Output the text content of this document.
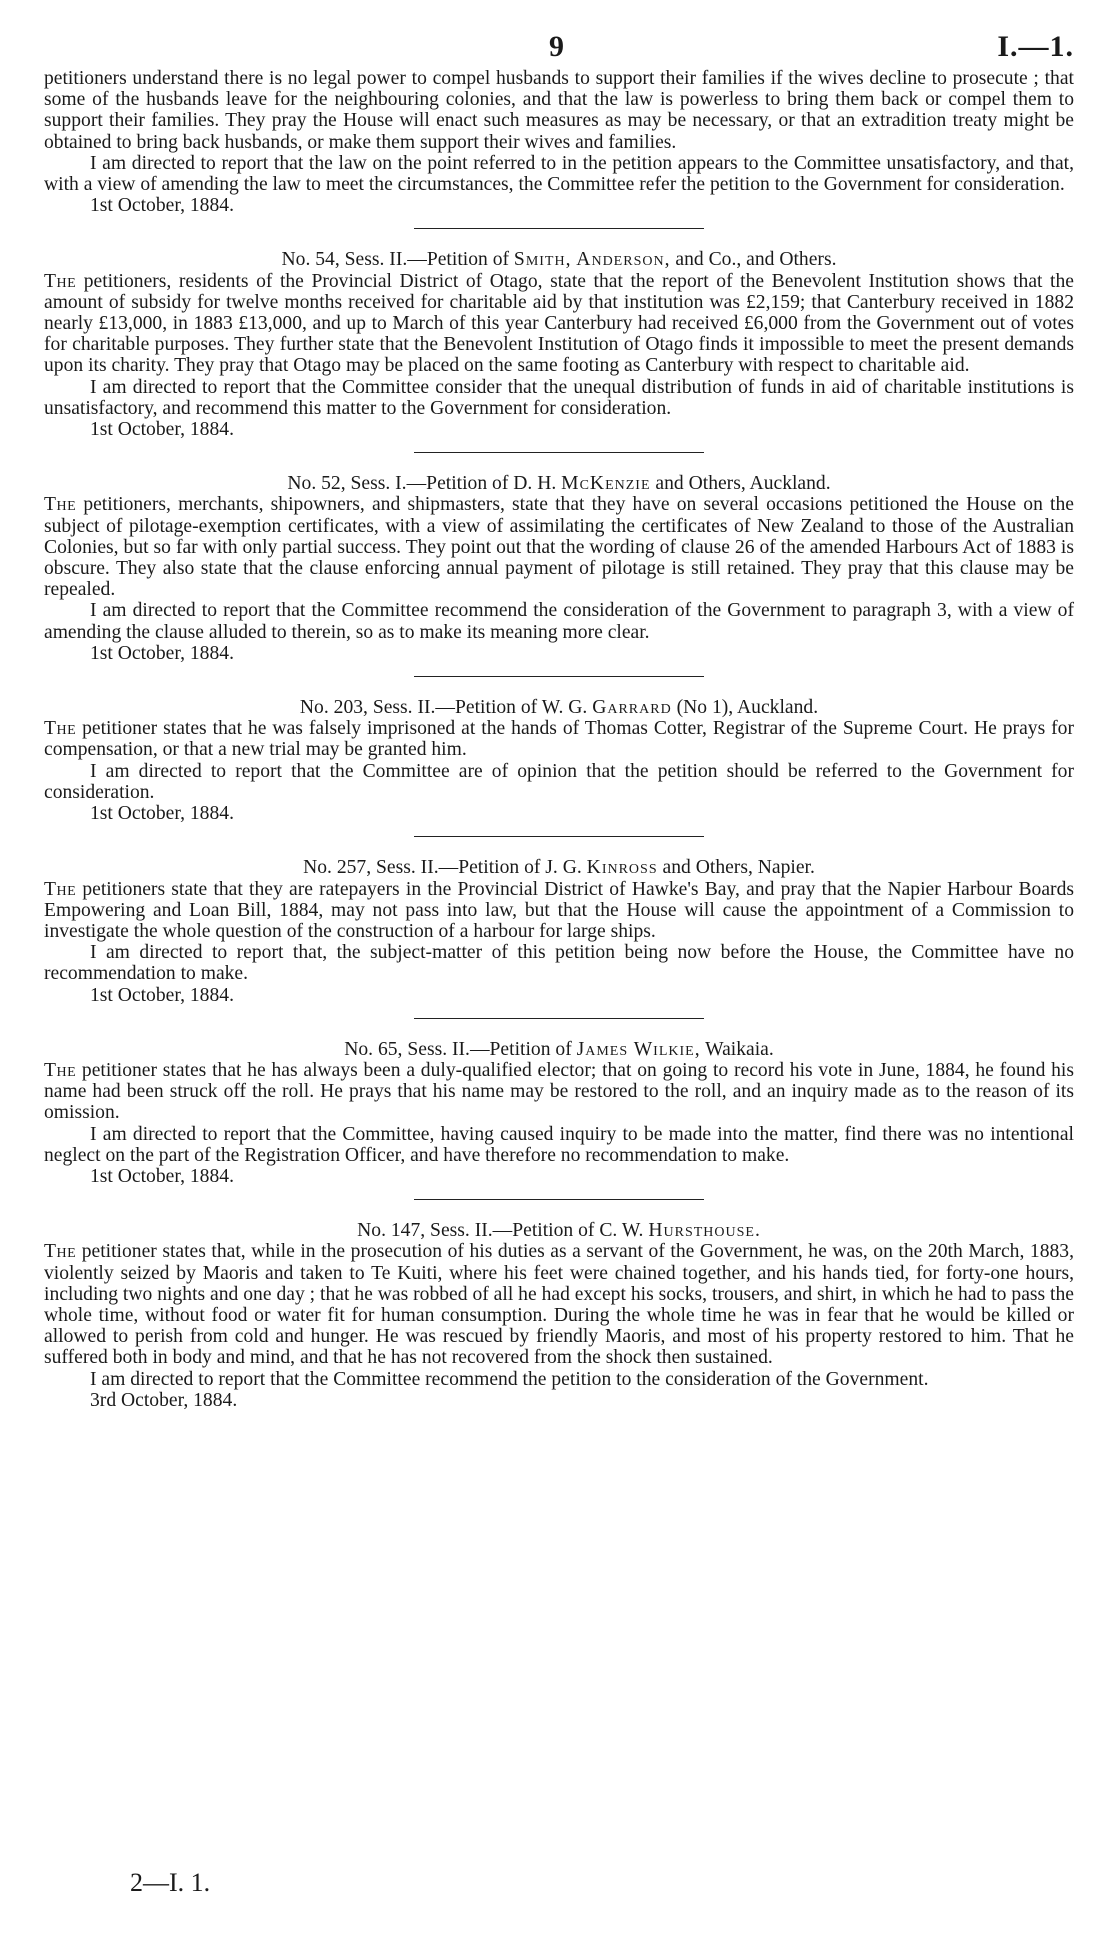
9	I.—1.

petitioners understand there is no legal power to compel husbands to support their families if the wives decline to prosecute ; that some of the husbands leave for the neighbouring colonies, and that the law is powerless to bring them back or compel them to support their families. They pray the House will enact such measures as may be necessary, or that an extradition treaty might be obtained to bring back husbands, or make them support their wives and families.

I am directed to report that the law on the point referred to in the petition appears to the Committee unsatisfactory, and that, with a view of amending the law to meet the circumstances, the Committee refer the petition to the Government for consideration.

1st October, 1884.

No. 54, Sess. II.—Petition of Smith, Anderson, and Co., and Others.

The petitioners, residents of the Provincial District of Otago, state that the report of the Benevolent Institution shows that the amount of subsidy for twelve months received for charitable aid by that institution was £2,159; that Canterbury received in 1882 nearly £13,000, in 1883 £13,000, and up to March of this year Canterbury had received £6,000 from the Government out of votes for charitable purposes. They further state that the Benevolent Institution of Otago finds it impossible to meet the present demands upon its charity. They pray that Otago may be placed on the same footing as Canterbury with respect to charitable aid.

I am directed to report that the Committee consider that the unequal distribution of funds in aid of charitable institutions is unsatisfactory, and recommend this matter to the Government for consideration.

1st October, 1884.

No. 52, Sess. I.—Petition of D. H. McKenzie and Others, Auckland.

The petitioners, merchants, shipowners, and shipmasters, state that they have on several occasions petitioned the House on the subject of pilotage-exemption certificates, with a view of assimilating the certificates of New Zealand to those of the Australian Colonies, but so far with only partial success. They point out that the wording of clause 26 of the amended Harbours Act of 1883 is obscure. They also state that the clause enforcing annual payment of pilotage is still retained. They pray that this clause may be repealed.

I am directed to report that the Committee recommend the consideration of the Government to paragraph 3, with a view of amending the clause alluded to therein, so as to make its meaning more clear.

1st October, 1884.

No. 203, Sess. II.—Petition of W. G. Garrard (No 1), Auckland.

The petitioner states that he was falsely imprisoned at the hands of Thomas Cotter, Registrar of the Supreme Court. He prays for compensation, or that a new trial may be granted him.

I am directed to report that the Committee are of opinion that the petition should be referred to the Government for consideration.

1st October, 1884.

No. 257, Sess. II.—Petition of J. G. Kinross and Others, Napier.

The petitioners state that they are ratepayers in the Provincial District of Hawke's Bay, and pray that the Napier Harbour Boards Empowering and Loan Bill, 1884, may not pass into law, but that the House will cause the appointment of a Commission to investigate the whole question of the construction of a harbour for large ships.

I am directed to report that, the subject-matter of this petition being now before the House, the Committee have no recommendation to make.

1st October, 1884.

No. 65, Sess. II.—Petition of James Wilkie, Waikaia.

The petitioner states that he has always been a duly-qualified elector; that on going to record his vote in June, 1884, he found his name had been struck off the roll. He prays that his name may be restored to the roll, and an inquiry made as to the reason of its omission.

I am directed to report that the Committee, having caused inquiry to be made into the matter, find there was no intentional neglect on the part of the Registration Officer, and have therefore no recommendation to make.

1st October, 1884.

No. 147, Sess. II.—Petition of C. W. Hursthouse.

The petitioner states that, while in the prosecution of his duties as a servant of the Government, he was, on the 20th March, 1883, violently seized by Maoris and taken to Te Kuiti, where his feet were chained together, and his hands tied, for forty-one hours, including two nights and one day ; that he was robbed of all he had except his socks, trousers, and shirt, in which he had to pass the whole time, without food or water fit for human consumption. During the whole time he was in fear that he would be killed or allowed to perish from cold and hunger. He was rescued by friendly Maoris, and most of his property restored to him. That he suffered both in body and mind, and that he has not recovered from the shock then sustained.

I am directed to report that the Committee recommend the petition to the consideration of the Government.

3rd October, 1884.

2—I. 1.
